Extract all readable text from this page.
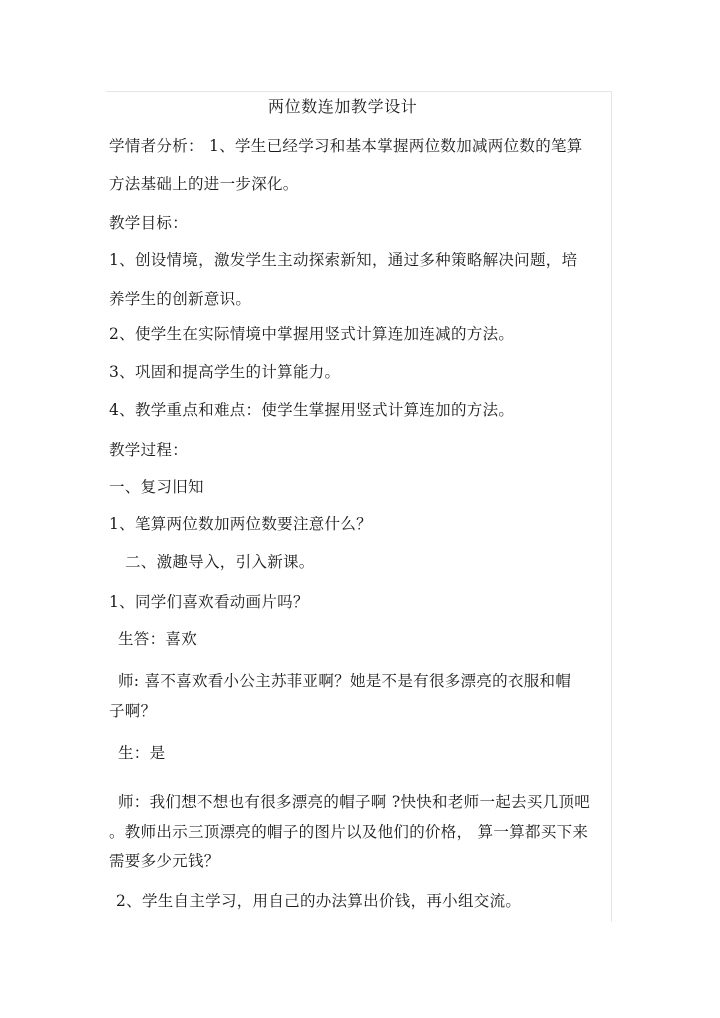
两位数连加教学设计
学情者分析： 1、学生已经学习和基本掌握两位数加减两位数的笔算
方法基础上的进一步深化。
教学目标：
1、创设情境，激发学生主动探索新知，通过多种策略解决问题，培
养学生的创新意识。
2、使学生在实际情境中掌握用竖式计算连加连减的方法。
3、巩固和提高学生的计算能力。
4、教学重点和难点：使学生掌握用竖式计算连加的方法。
教学过程：
一、复习旧知
1、笔算两位数加两位数要注意什么？
二、激趣导入，引入新课。
1、同学们喜欢看动画片吗？
生答：喜欢
师: 喜不喜欢看小公主苏菲亚啊？她是不是有很多漂亮的衣服和帽
子啊？
生：是
师：我们想不想也有很多漂亮的帽子啊 ?快快和老师一起去买几顶吧
。教师出示三顶漂亮的帽子的图片以及他们的价格， 算一算都买下来
需要多少元钱？
2、学生自主学习，用自己的办法算出价钱，再小组交流。
